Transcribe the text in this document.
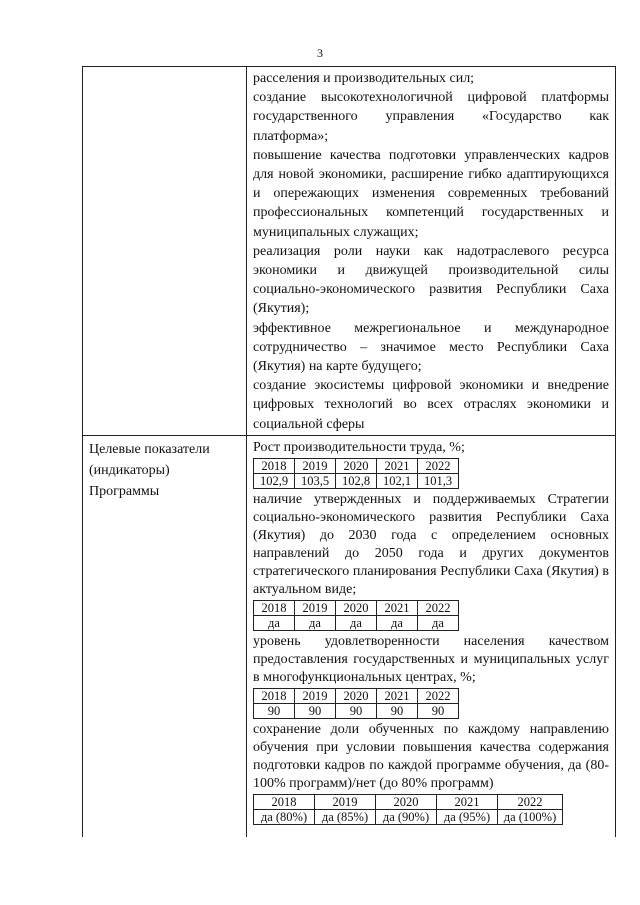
3
расселения и производительных сил;
создание высокотехнологичной цифровой платформы государственного управления «Государство как платформа»;
повышение качества подготовки управленческих кадров для новой экономики, расширение гибко адаптирующихся и опережающих изменения современных требований профессиональных компетенций государственных и муниципальных служащих;
реализация роли науки как надотраслевого ресурса экономики и движущей производительной силы социально-экономического развития Республики Саха (Якутия);
эффективное межрегиональное и международное сотрудничество – значимое место Республики Саха (Якутия) на карте будущего;
создание экосистемы цифровой экономики и внедрение цифровых технологий во всех отраслях экономики и социальной сферы
Целевые показатели (индикаторы) Программы
Рост производительности труда, %;
2018	2019	2020	2021	2022
102,9	103,5	102,8	102,1	101,3
наличие утвержденных и поддерживаемых Стратегии социально-экономического развития Республики Саха (Якутия) до 2030 года с определением основных направлений до 2050 года и других документов стратегического планирования Республики Саха (Якутия) в актуальном виде;
2018	2019	2020	2021	2022
да	да	да	да	да
уровень удовлетворенности населения качеством предоставления государственных и муниципальных услуг в многофункциональных центрах, %;
2018	2019	2020	2021	2022
90	90	90	90	90
сохранение доли обученных по каждому направлению обучения при условии повышения качества содержания подготовки кадров по каждой программе обучения, да (80-100% программ)/нет (до 80% программ)
2018	2019	2020	2021	2022
да (80%)	да (85%)	да (90%)	да (95%)	да (100%)
